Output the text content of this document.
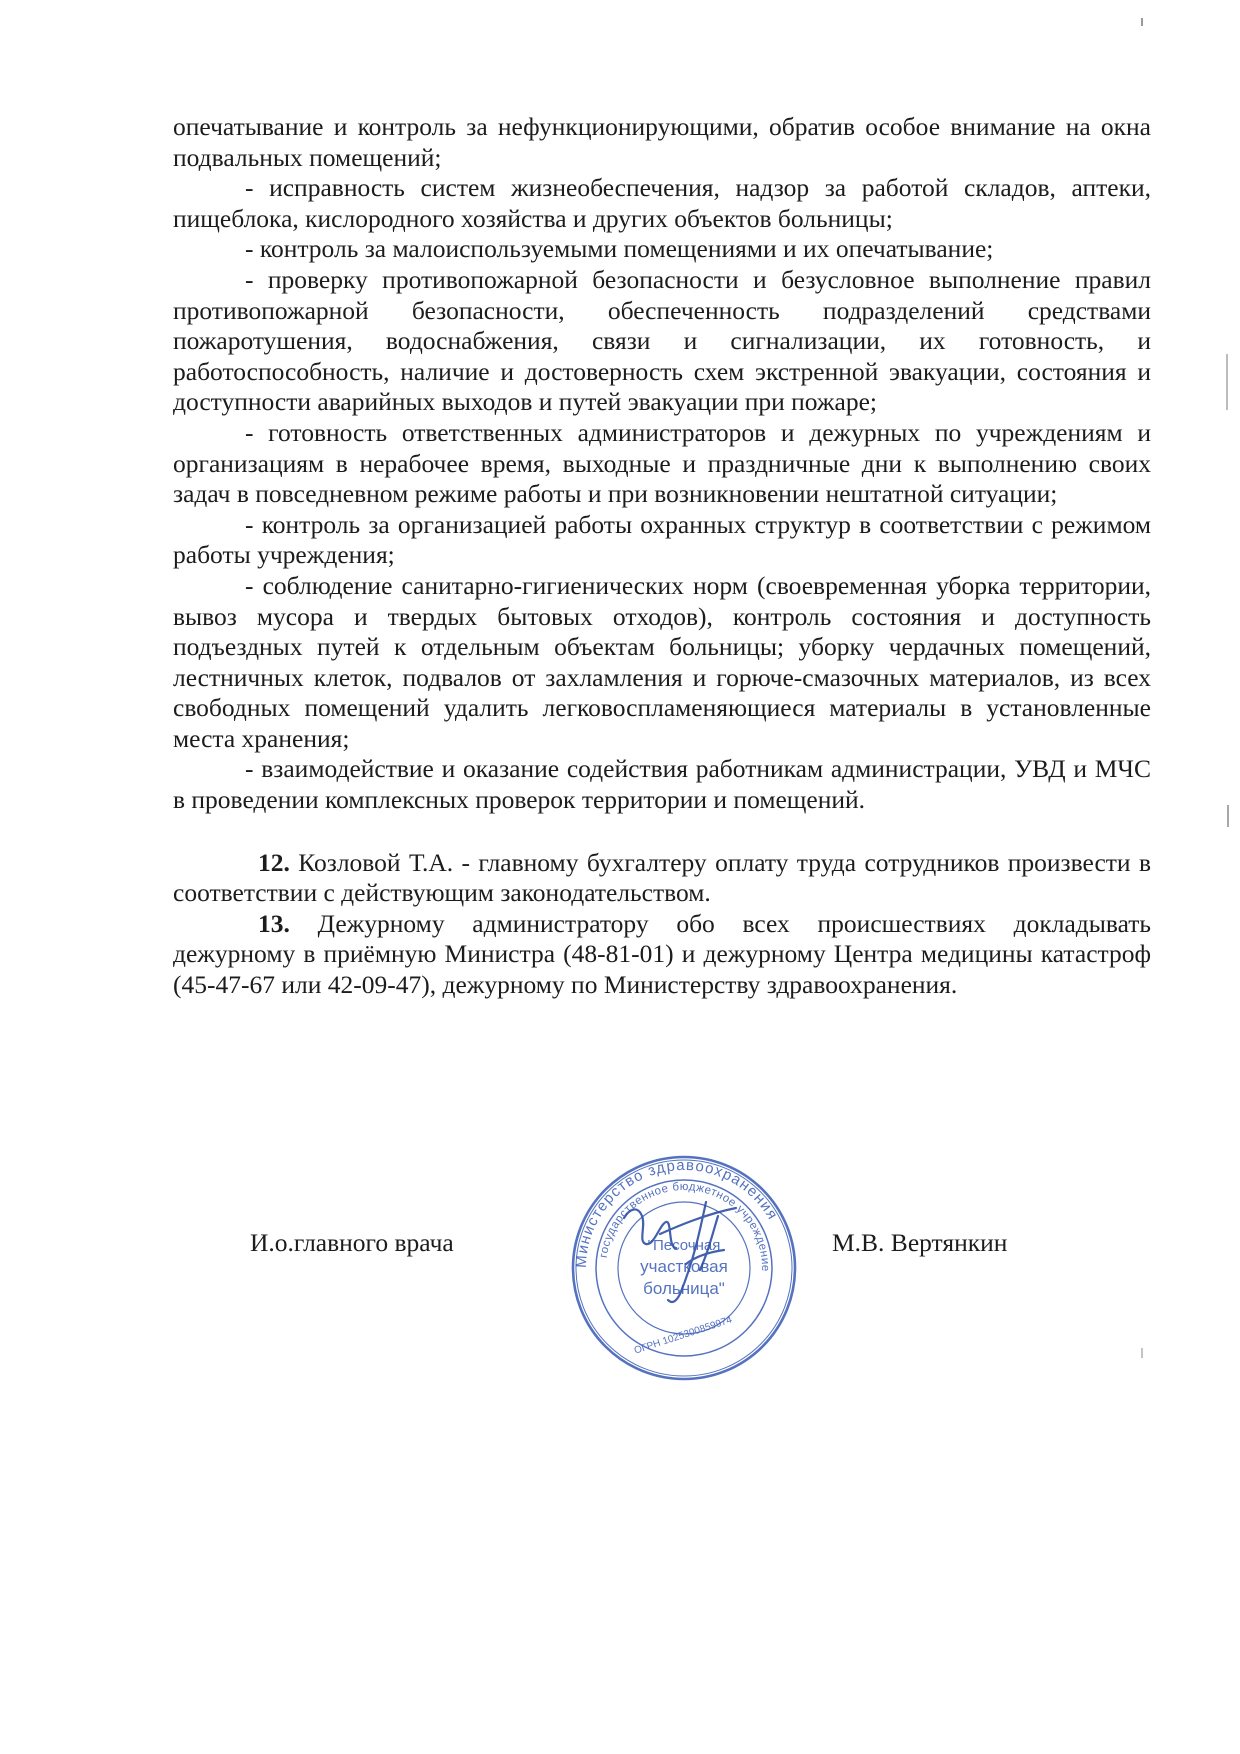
опечатывание и контроль за нефункционирующими, обратив особое внимание на окна подвальных помещений;

- исправность систем жизнеобеспечения, надзор за работой складов, аптеки, пищеблока, кислородного хозяйства и других объектов больницы;

- контроль за малоиспользуемыми помещениями и их опечатывание;

- проверку противопожарной безопасности и безусловное выполнение правил противопожарной безопасности, обеспеченность подразделений средствами пожаротушения, водоснабжения, связи и сигнализации, их готовность, и работоспособность, наличие и достоверность схем экстренной эвакуации, состояния и доступности аварийных выходов и путей эвакуации при пожаре;

- готовность ответственных администраторов и дежурных по учреждениям и организациям в нерабочее время, выходные и праздничные дни к выполнению своих задач в повседневном режиме работы и при возникновении нештатной ситуации;

- контроль за организацией работы охранных структур в соответствии с режимом работы учреждения;

- соблюдение санитарно-гигиенических норм (своевременная уборка территории, вывоз мусора и твердых бытовых отходов), контроль состояния и доступность подъездных путей к отдельным объектам больницы; уборку чердачных помещений, лестничных клеток, подвалов от захламления и горюче-смазочных материалов, из всех свободных помещений удалить легковоспламеняющиеся материалы в установленные места хранения;

- взаимодействие и оказание содействия работникам администрации, УВД и МЧС в проведении комплексных проверок территории и помещений.

12. Козловой Т.А. - главному бухгалтеру оплату труда сотрудников произвести в соответствии с действующим законодательством.

13. Дежурному администратору обо всех происшествиях докладывать дежурному в приёмную Министра (48-81-01) и дежурному Центра медицины катастроф (45-47-67 или 42-09-47), дежурному по Министерству здравоохранения.

И.о.главного врача	М.В. Вертянкин
Министерство здравоохранения
государственное бюджетное учреждение
"Песочная
участковая
больница"
ОГРН 1025300859974
